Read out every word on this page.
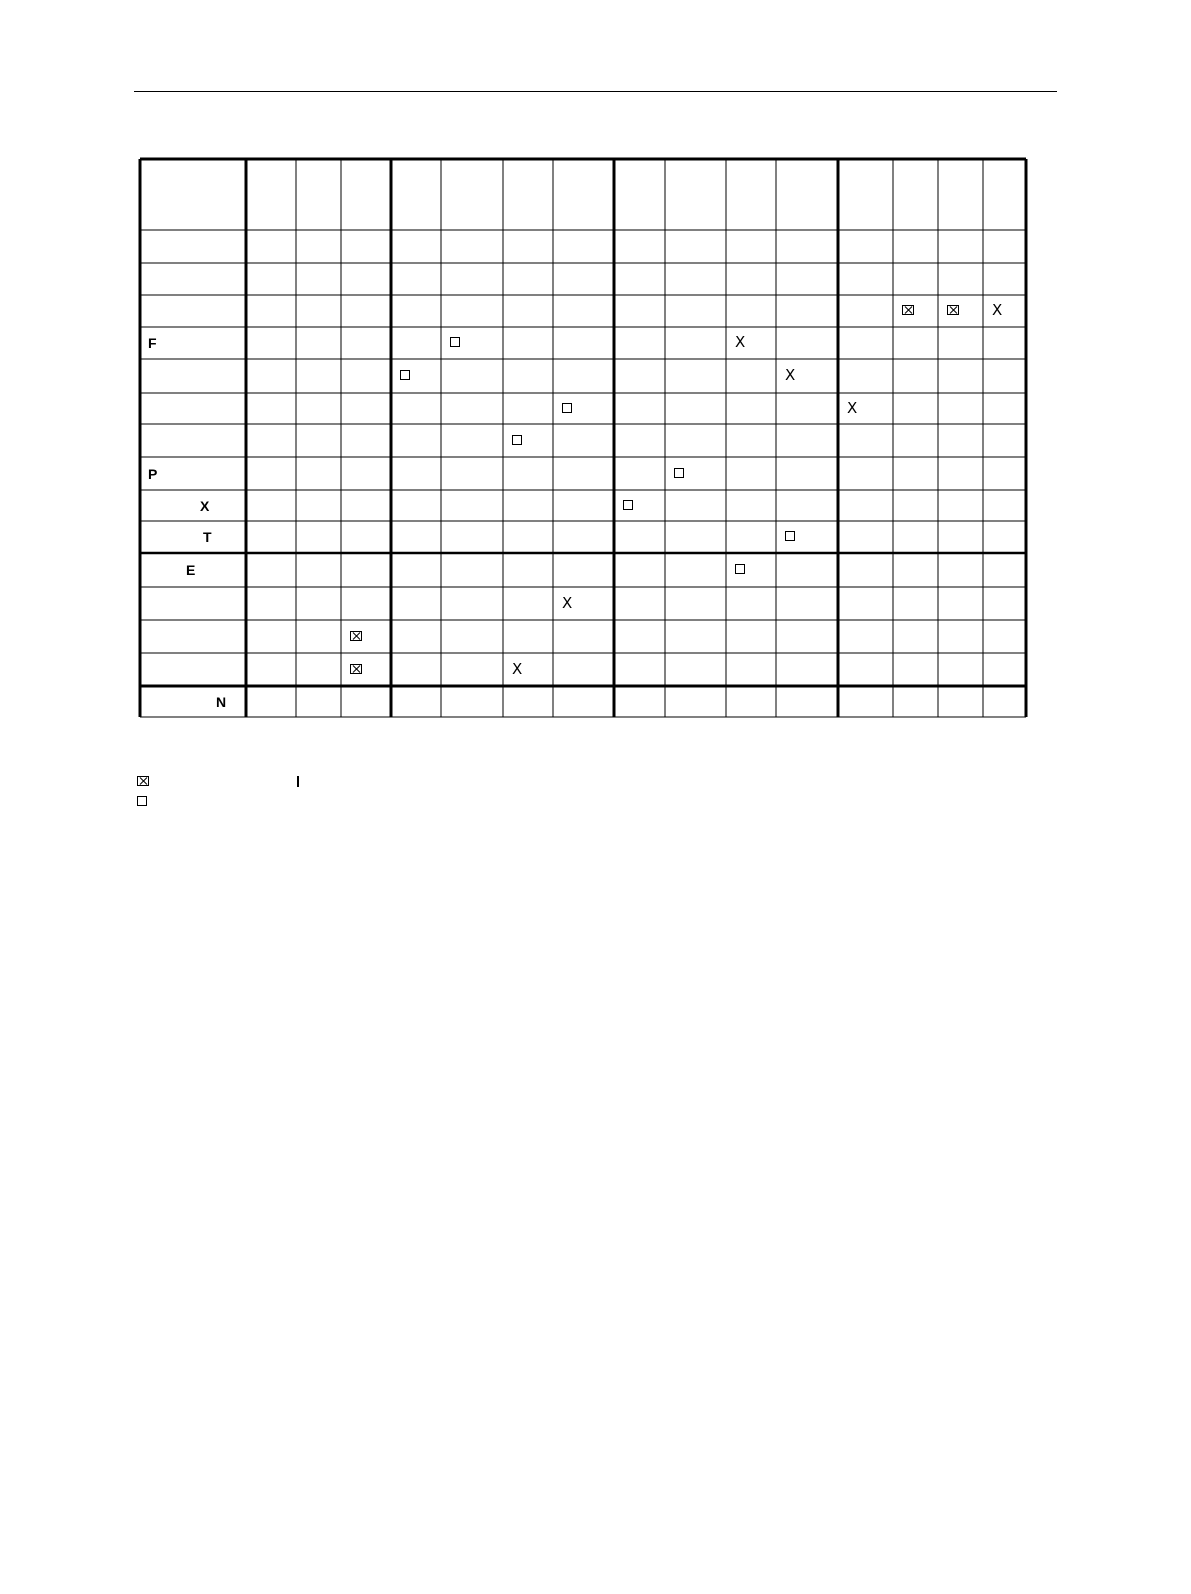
F
P
X
T
E
N
X
X
X
X
X
X
